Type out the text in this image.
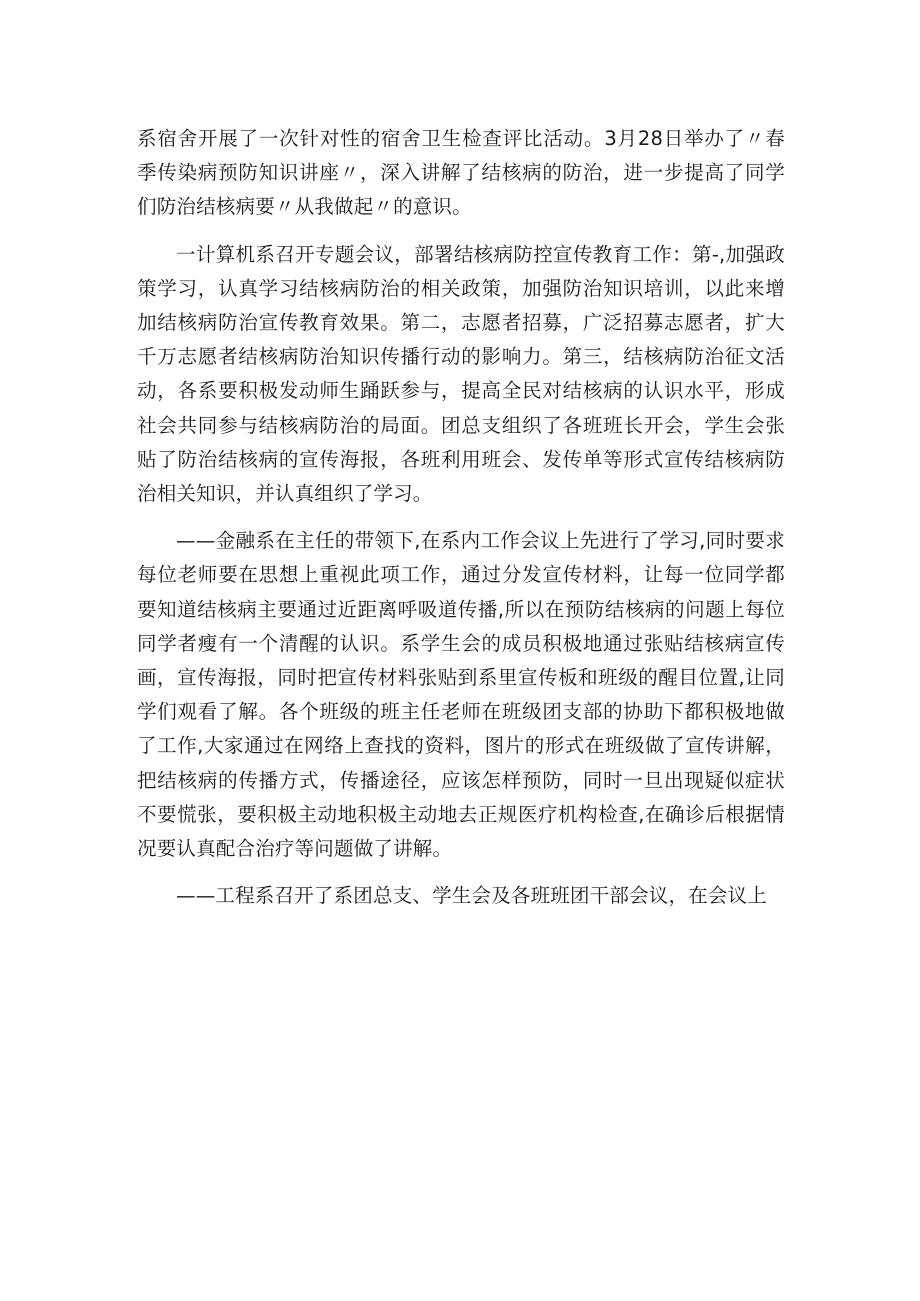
系宿舍开展了一次针对性的宿舍卫生检查评比活动。3月28日举办了〃春季传染病预防知识讲座〃，深入讲解了结核病的防治，进一步提高了同学们防治结核病要〃从我做起〃的意识。

一计算机系召开专题会议，部署结核病防控宣传教育工作：第-,加强政策学习，认真学习结核病防治的相关政策，加强防治知识培训，以此来增加结核病防治宣传教育效果。第二，志愿者招募，广泛招募志愿者，扩大千万志愿者结核病防治知识传播行动的影响力。第三，结核病防治征文活动，各系要积极发动师生踊跃参与，提高全民对结核病的认识水平，形成社会共同参与结核病防治的局面。团总支组织了各班班长开会，学生会张贴了防治结核病的宣传海报，各班利用班会、发传单等形式宣传结核病防治相关知识，并认真组织了学习。

——金融系在主任的带领下,在系内工作会议上先进行了学习,同时要求每位老师要在思想上重视此项工作，通过分发宣传材料，让每一位同学都要知道结核病主要通过近距离呼吸道传播,所以在预防结核病的问题上每位同学者瘦有一个清醒的认识。系学生会的成员积极地通过张贴结核病宣传画，宣传海报，同时把宣传材料张贴到系里宣传板和班级的醒目位置,让同学们观看了解。各个班级的班主任老师在班级团支部的协助下都积极地做了工作,大家通过在网络上查找的资料，图片的形式在班级做了宣传讲解，把结核病的传播方式，传播途径，应该怎样预防，同时一旦出现疑似症状不要慌张，要积极主动地积极主动地去正规医疗机构检查,在确诊后根据情况要认真配合治疗等问题做了讲解。

——工程系召开了系团总支、学生会及各班班团干部会议，在会议上
